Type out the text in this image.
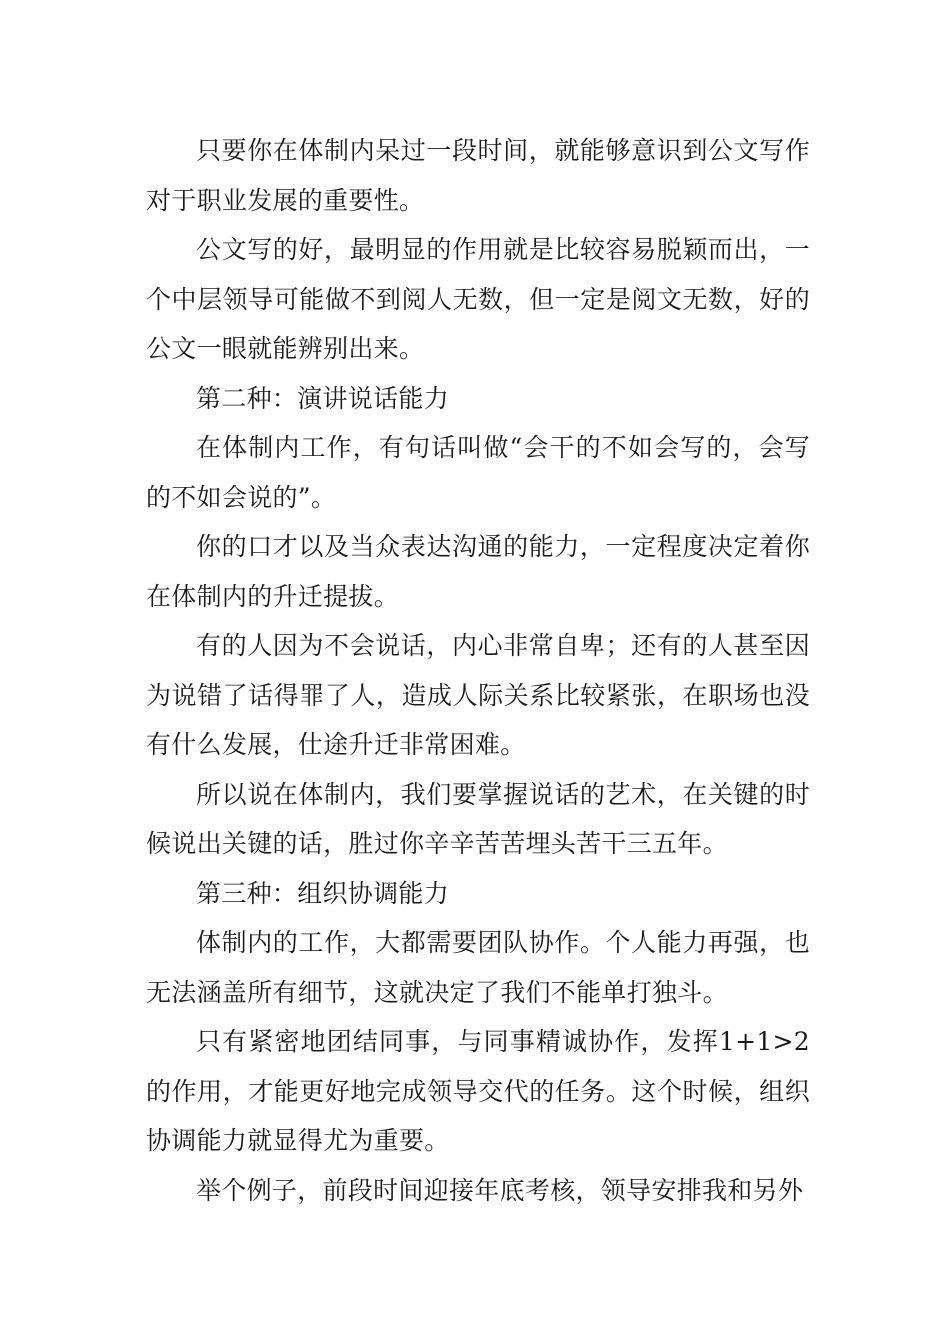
只要你在体制内呆过一段时间，就能够意识到公文写作对于职业发展的重要性。

公文写的好，最明显的作用就是比较容易脱颖而出，一个中层领导可能做不到阅人无数，但一定是阅文无数，好的公文一眼就能辨别出来。

第二种：演讲说话能力

在体制内工作，有句话叫做“会干的不如会写的，会写的不如会说的”。

你的口才以及当众表达沟通的能力，一定程度决定着你在体制内的升迁提拔。

有的人因为不会说话，内心非常自卑；还有的人甚至因为说错了话得罪了人，造成人际关系比较紧张，在职场也没有什么发展，仕途升迁非常困难。

所以说在体制内，我们要掌握说话的艺术，在关键的时候说出关键的话，胜过你辛辛苦苦埋头苦干三五年。

第三种：组织协调能力

体制内的工作，大都需要团队协作。个人能力再强，也无法涵盖所有细节，这就决定了我们不能单打独斗。

只有紧密地团结同事，与同事精诚协作，发挥1+1>2的作用，才能更好地完成领导交代的任务。这个时候，组织协调能力就显得尤为重要。

举个例子，前段时间迎接年底考核，领导安排我和另外
